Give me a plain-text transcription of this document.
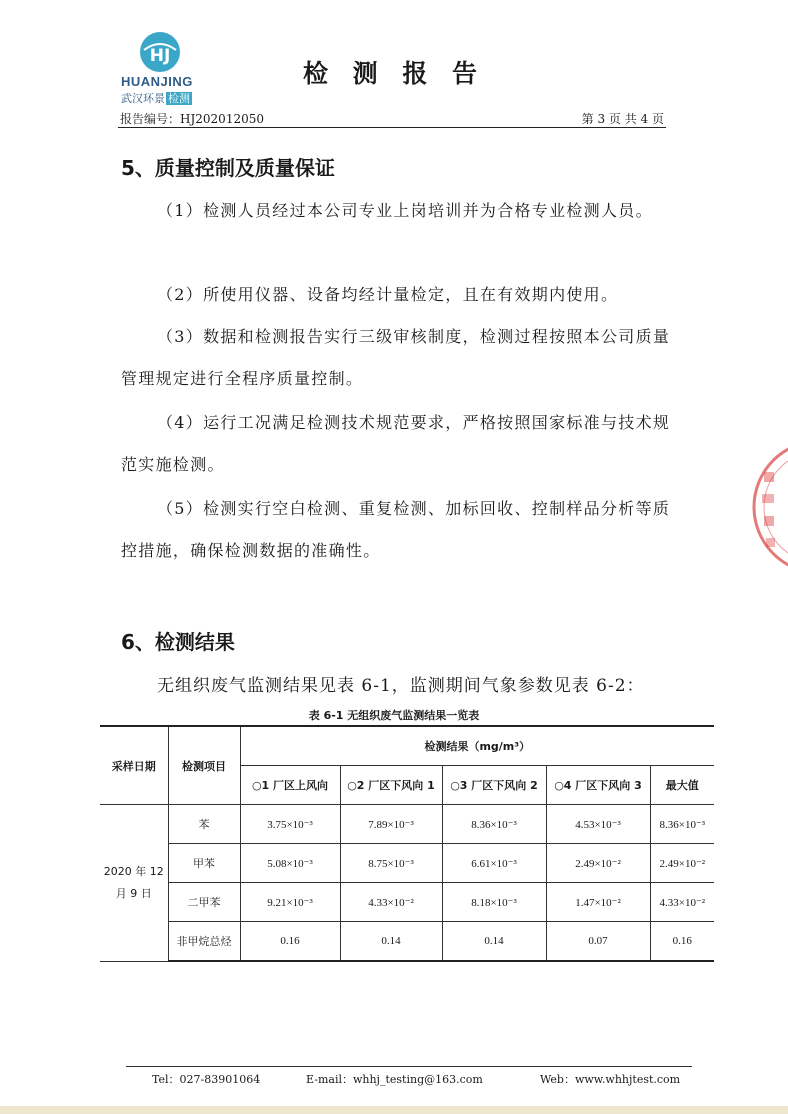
HJ
HUANJING
武汉环景 检测
检 测 报 告
报告编号：HJ202012050	第 3 页 共 4 页
5、质量控制及质量保证

（1）检测人员经过本公司专业上岗培训并为合格专业检测人员。

（2）所使用仪器、设备均经计量检定，且在有效期内使用。

（3）数据和检测报告实行三级审核制度，检测过程按照本公司质量管理规定进行全程序质量控制。

（4）运行工况满足检测技术规范要求，严格按照国家标准与技术规范实施检测。

（5）检测实行空白检测、重复检测、加标回收、控制样品分析等质控措施，确保检测数据的准确性。

6、检测结果
无组织废气监测结果见表 6-1，监测期间气象参数见表 6-2：
表 6-1 无组织废气监测结果一览表
采样日期	检测项目	检测结果（mg/m³）				
		○1 厂区上风向	○2 厂区下风向 1	○3 厂区下风向 2	○4 厂区下风向 3	最大值
2020 年 12 月 9 日	苯	3.75×10⁻³	7.89×10⁻³	8.36×10⁻³	4.53×10⁻³	8.36×10⁻³
	甲苯	5.08×10⁻³	8.75×10⁻³	6.61×10⁻³	2.49×10⁻²	2.49×10⁻²
	二甲苯	9.21×10⁻³	4.33×10⁻²	8.18×10⁻³	1.47×10⁻²	4.33×10⁻²
	非甲烷总烃	0.16	0.14	0.14	0.07	0.16
Tel：027-83901064	E-mail：whhj_testing@163.com	Web：www.whhjtest.com
